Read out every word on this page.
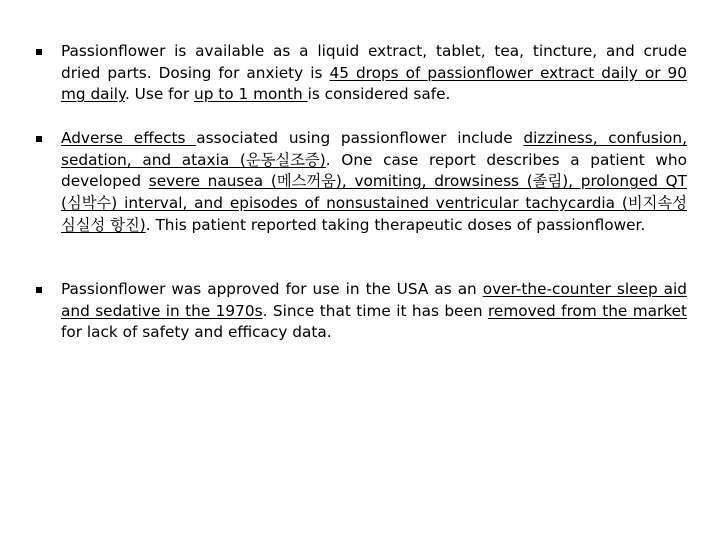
Passionflower is available as a liquid extract, tablet, tea, tincture, and crude dried parts. Dosing for anxiety is 45 drops of passionflower extract daily or 90 mg daily. Use for up to 1 month is considered safe.
Adverse effects associated using passionflower include dizziness, confusion, sedation, and ataxia (운동실조증). One case report describes a patient who developed severe nausea (메스꺼움), vomiting, drowsiness (졸림), prolonged QT (심박수) interval, and episodes of nonsustained ventricular tachycardia (비지속성 심실성 항진). This patient reported taking therapeutic doses of passionflower.
Passionflower was approved for use in the USA as an over-the-counter sleep aid and sedative in the 1970s. Since that time it has been removed from the market for lack of safety and efficacy data.
